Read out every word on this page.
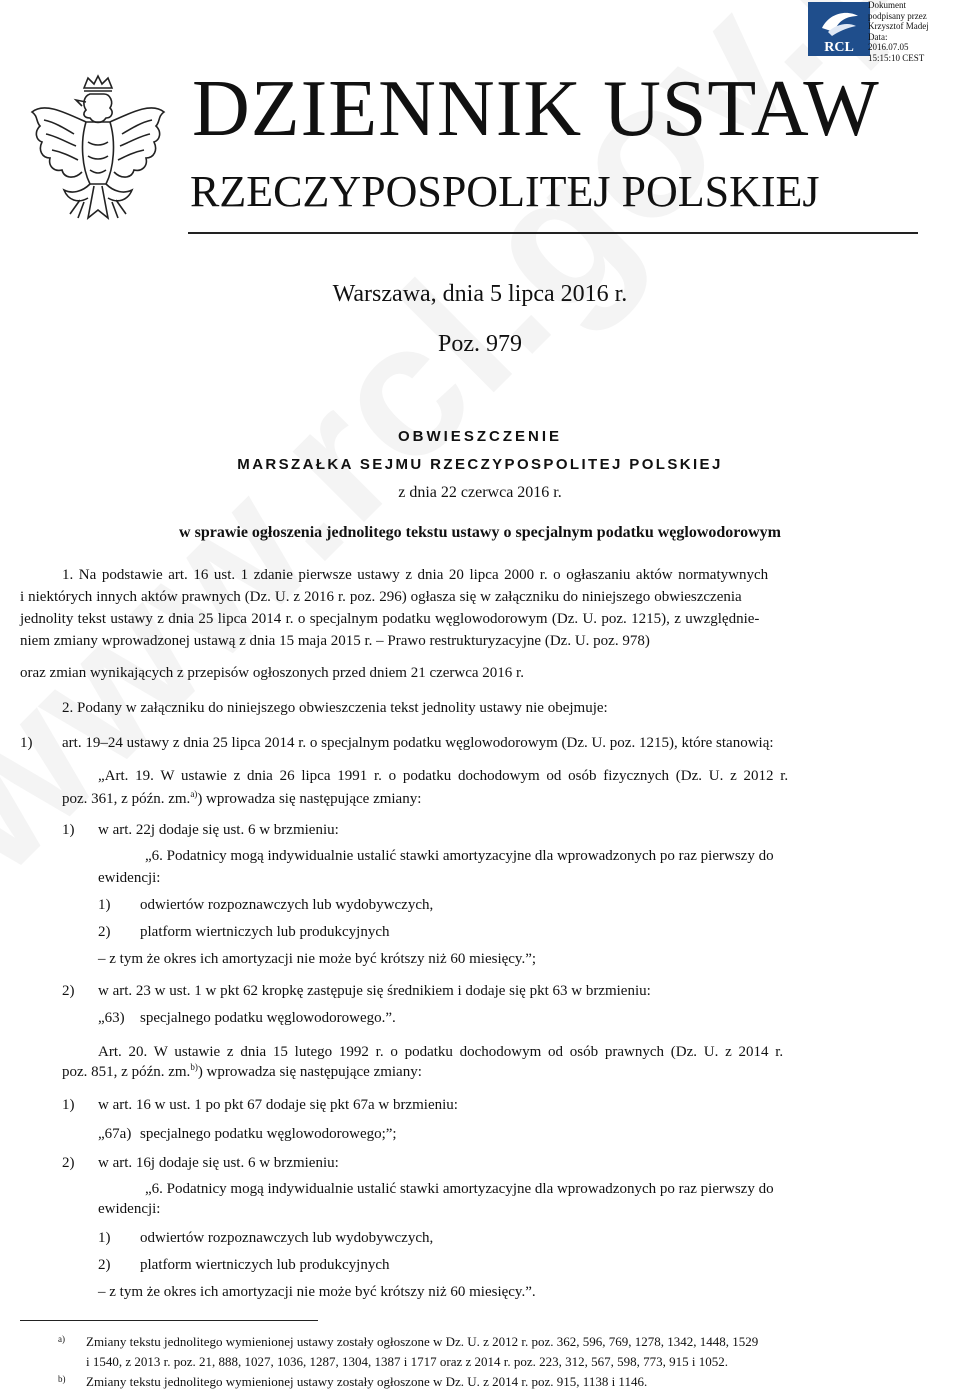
RCL
Dokument
podpisany przez
Krzysztof Madej
Data:
2016.07.05
15:15:10 CEST
DZIENNIK USTAW
RZECZYPOSPOLITEJ POLSKIEJ
Warszawa, dnia 5 lipca 2016 r.
Poz. 979
OBWIESZCZENIE
MARSZAŁKA SEJMU RZECZYPOSPOLITEJ POLSKIEJ
z dnia 22 czerwca 2016 r.
w sprawie ogłoszenia jednolitego tekstu ustawy o specjalnym podatku węglowodorowym
1. Na podstawie art. 16 ust. 1 zdanie pierwsze ustawy z dnia 20 lipca 2000 r. o ogłaszaniu aktów normatywnych
i niektórych innych aktów prawnych (Dz. U. z 2016 r. poz. 296) ogłasza się w załączniku do niniejszego obwieszczenia
jednolity tekst ustawy z dnia 25 lipca 2014 r. o specjalnym podatku węglowodorowym (Dz. U. poz. 1215), z uwzględnie-
niem zmiany wprowadzonej ustawą z dnia 15 maja 2015 r. – Prawo restrukturyzacyjne (Dz. U. poz. 978)
oraz zmian wynikających z przepisów ogłoszonych przed dniem 21 czerwca 2016 r.
2. Podany w załączniku do niniejszego obwieszczenia tekst jednolity ustawy nie obejmuje:
1) art. 19–24 ustawy z dnia 25 lipca 2014 r. o specjalnym podatku węglowodorowym (Dz. U. poz. 1215), które stanowią:
„Art. 19. W ustawie z dnia 26 lipca 1991 r. o podatku dochodowym od osób fizycznych (Dz. U. z 2012 r.
poz. 361, z późn. zm.$^{a)}$) wprowadza się następujące zmiany:
1) w art. 22j dodaje się ust. 6 w brzmieniu:
„6. Podatnicy mogą indywidualnie ustalić stawki amortyzacyjne dla wprowadzonych po raz pierwszy do
ewidencji:
1) odwiertów rozpoznawczych lub wydobywczych,
2) platform wiertniczych lub produkcyjnych
– z tym że okres ich amortyzacji nie może być krótszy niż 60 miesięcy.”;
2) w art. 23 w ust. 1 w pkt 62 kropkę zastępuje się średnikiem i dodaje się pkt 63 w brzmieniu:
„63) specjalnego podatku węglowodorowego.”.
Art. 20. W ustawie z dnia 15 lutego 1992 r. o podatku dochodowym od osób prawnych (Dz. U. z 2014 r.
poz. 851, z późn. zm.$^{b)}$) wprowadza się następujące zmiany:
1) w art. 16 w ust. 1 po pkt 67 dodaje się pkt 67a w brzmieniu:
„67a) specjalnego podatku węglowodorowego;”;
2) w art. 16j dodaje się ust. 6 w brzmieniu:
„6. Podatnicy mogą indywidualnie ustalić stawki amortyzacyjne dla wprowadzonych po raz pierwszy do
ewidencji:
1) odwiertów rozpoznawczych lub wydobywczych,
2) platform wiertniczych lub produkcyjnych
– z tym że okres ich amortyzacji nie może być krótszy niż 60 miesięcy.”.
a) Zmiany tekstu jednolitego wymienionej ustawy zostały ogłoszone w Dz. U. z 2012 r. poz. 362, 596, 769, 1278, 1342, 1448, 1529
i 1540, z 2013 r. poz. 21, 888, 1027, 1036, 1287, 1304, 1387 i 1717 oraz z 2014 r. poz. 223, 312, 567, 598, 773, 915 i 1052.
b) Zmiany tekstu jednolitego wymienionej ustawy zostały ogłoszone w Dz. U. z 2014 r. poz. 915, 1138 i 1146.
